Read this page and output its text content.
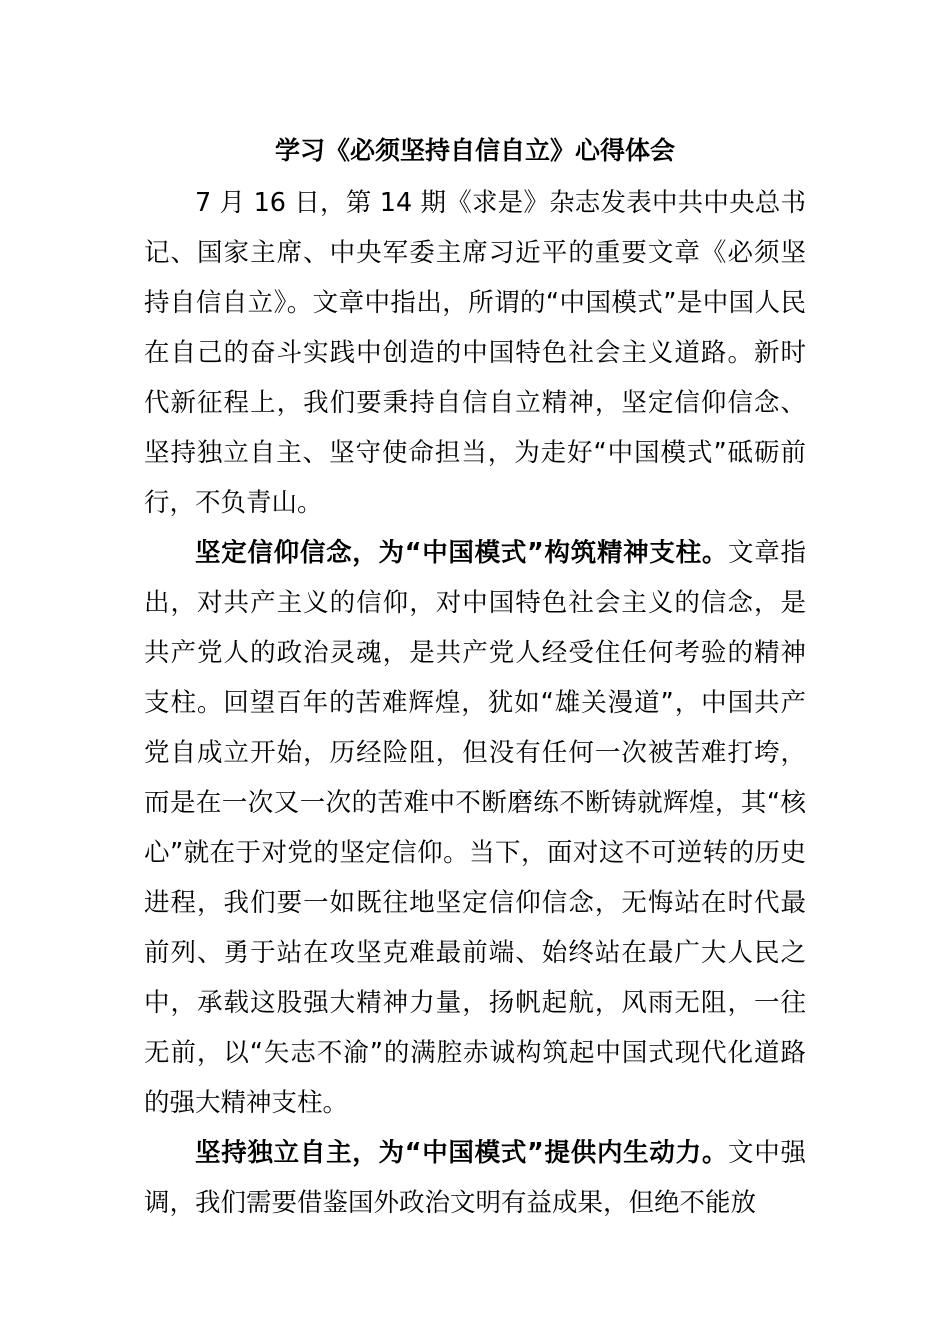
学习《必须坚持自信自立》心得体会

7 月 16 日，第 14 期《求是》杂志发表中共中央总书记、国家主席、中央军委主席习近平的重要文章《必须坚持自信自立》。文章中指出，所谓的“中国模式”是中国人民在自己的奋斗实践中创造的中国特色社会主义道路。新时代新征程上，我们要秉持自信自立精神，坚定信仰信念、坚持独立自主、坚守使命担当，为走好“中国模式”砥砺前行，不负青山。

坚定信仰信念，为“中国模式”构筑精神支柱。文章指出，对共产主义的信仰，对中国特色社会主义的信念，是共产党人的政治灵魂，是共产党人经受住任何考验的精神支柱。回望百年的苦难辉煌，犹如“雄关漫道”，中国共产党自成立开始，历经险阻，但没有任何一次被苦难打垮，而是在一次又一次的苦难中不断磨练不断铸就辉煌，其“核心”就在于对党的坚定信仰。当下，面对这不可逆转的历史进程，我们要一如既往地坚定信仰信念，无悔站在时代最前列、勇于站在攻坚克难最前端、始终站在最广大人民之中，承载这股强大精神力量，扬帆起航，风雨无阻，一往无前，以“矢志不渝”的满腔赤诚构筑起中国式现代化道路的强大精神支柱。

坚持独立自主，为“中国模式”提供内生动力。文中强调，我们需要借鉴国外政治文明有益成果，但绝不能放
